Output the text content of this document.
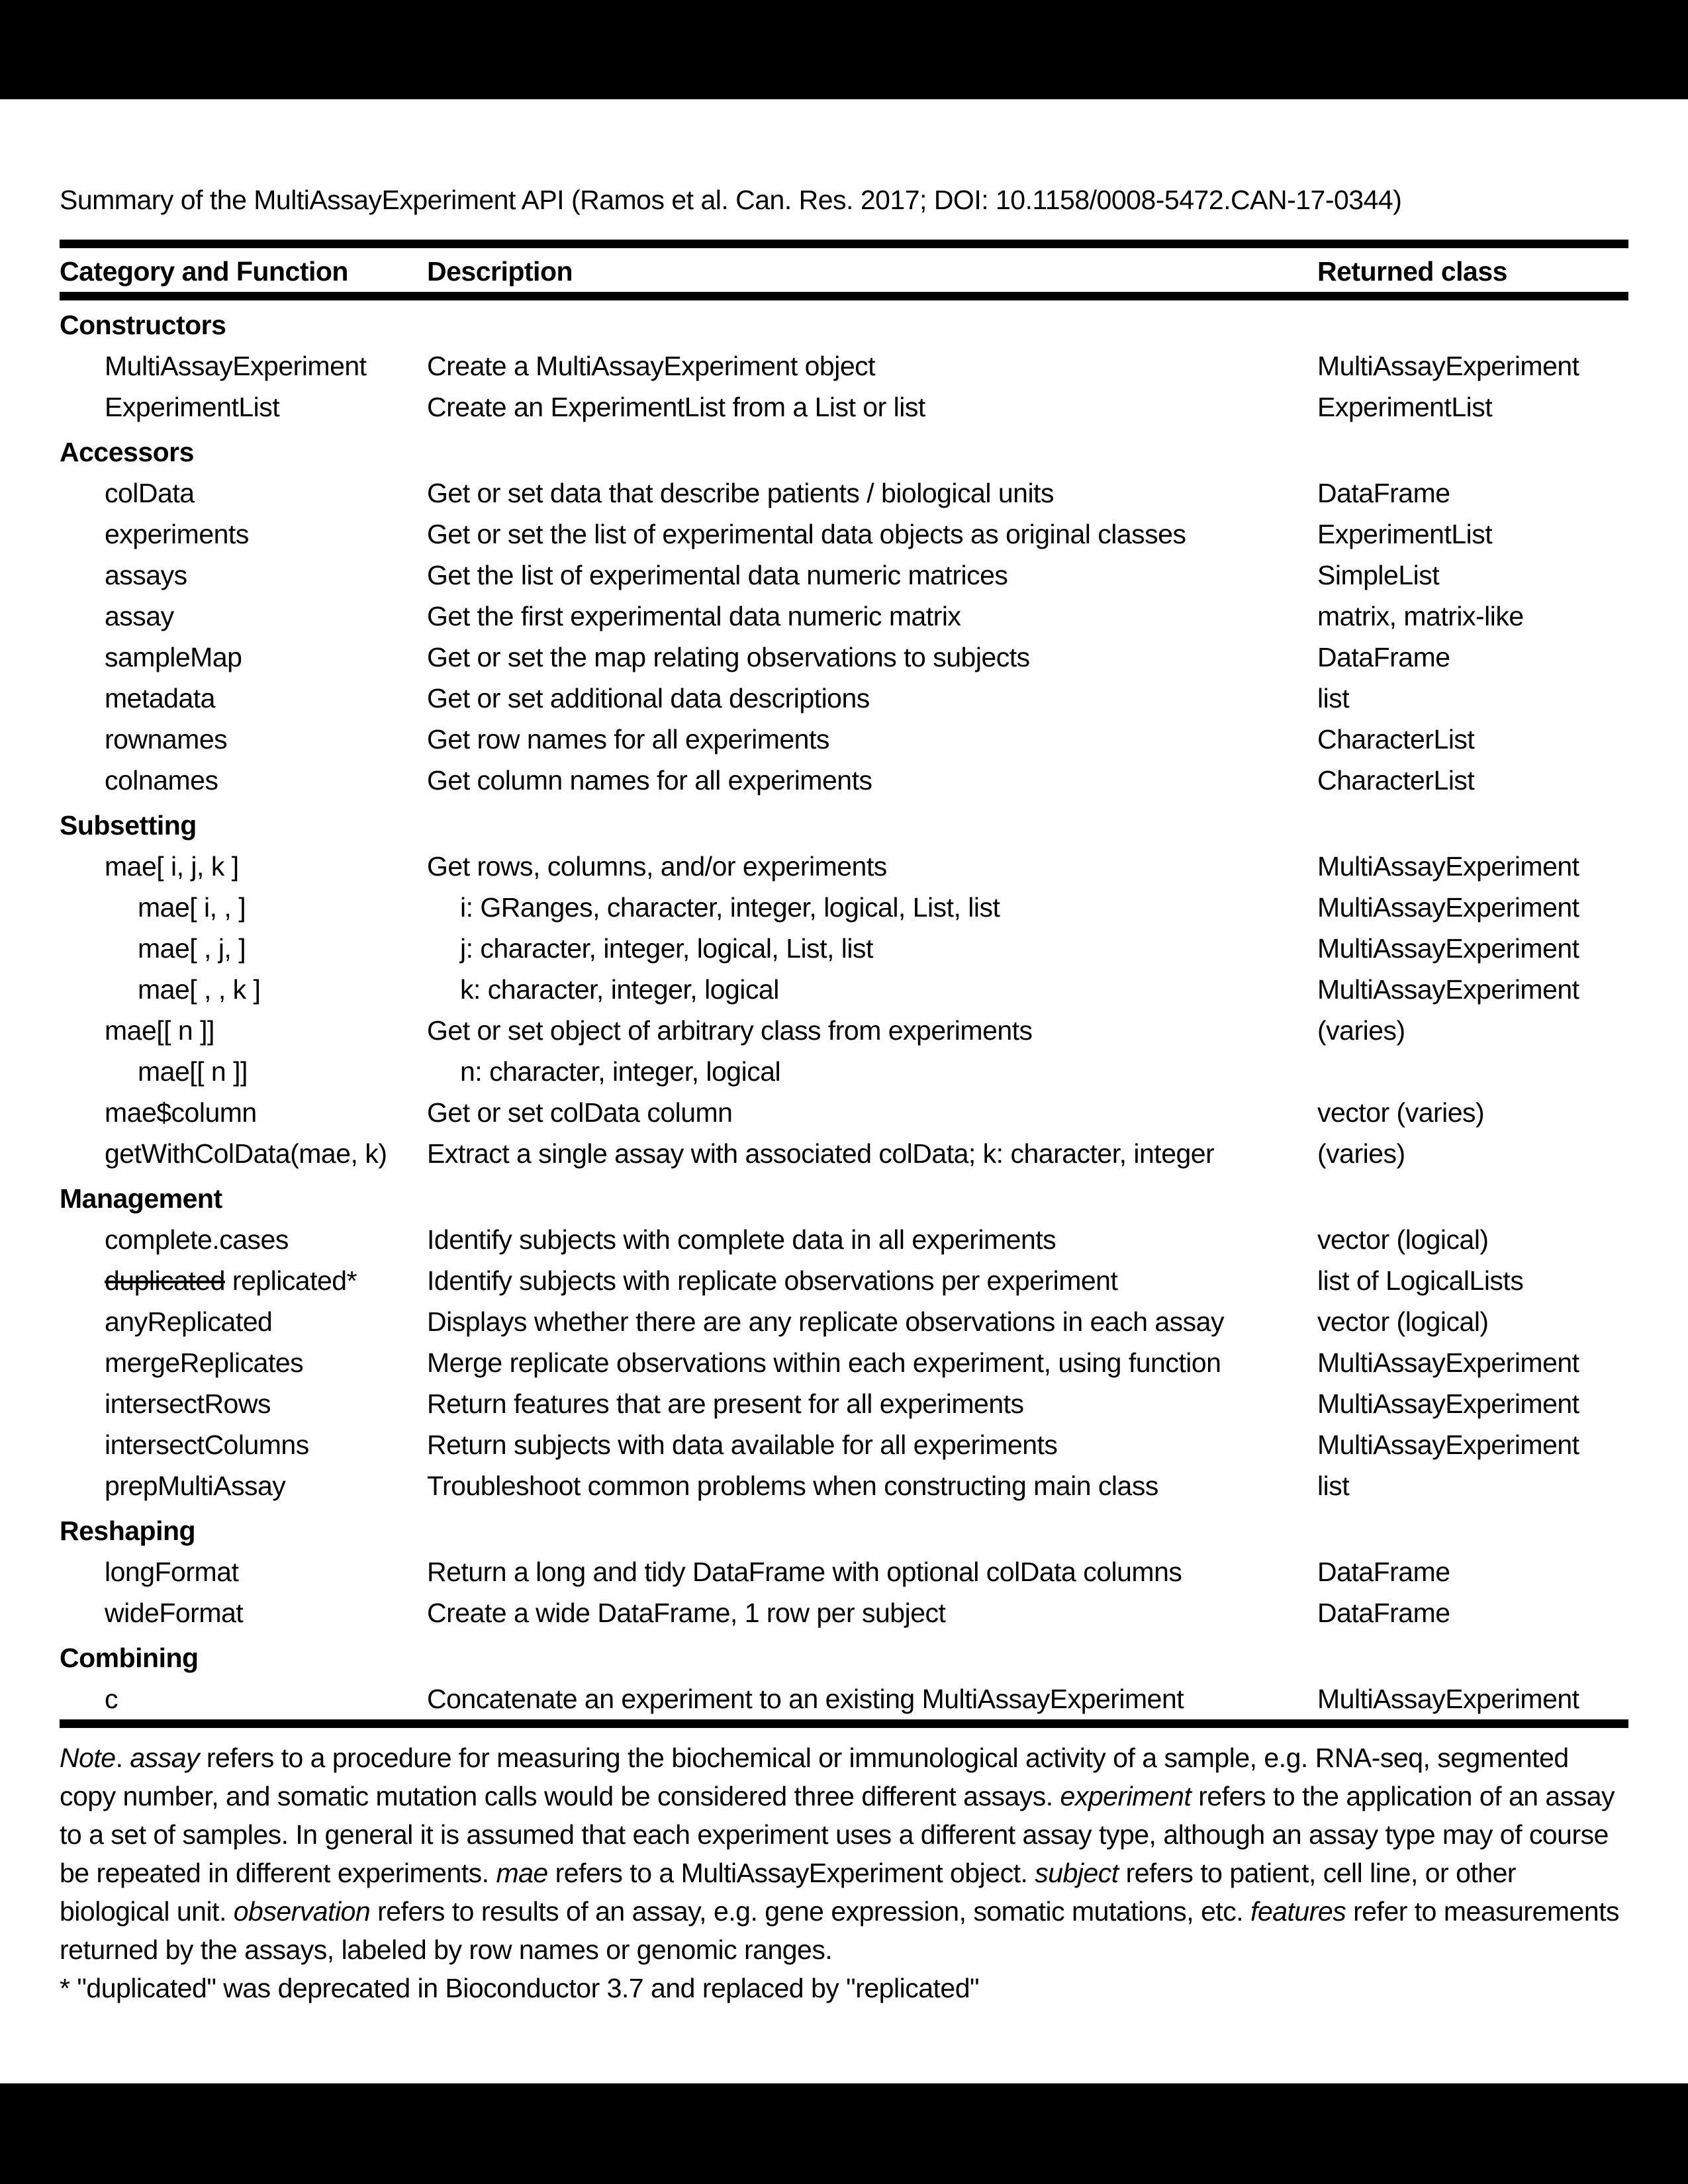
Summary of the MultiAssayExperiment API (Ramos et al. Can. Res. 2017; DOI: 10.1158/0008-5472.CAN-17-0344)
Category and Function	Description	Returned class
Constructors
MultiAssayExperiment	Create a MultiAssayExperiment object	MultiAssayExperiment
ExperimentList	Create an ExperimentList from a List or list	ExperimentList
Accessors
colData	Get or set data that describe patients / biological units	DataFrame
experiments	Get or set the list of experimental data objects as original classes	ExperimentList
assays	Get the list of experimental data numeric matrices	SimpleList
assay	Get the first experimental data numeric matrix	matrix, matrix-like
sampleMap	Get or set the map relating observations to subjects	DataFrame
metadata	Get or set additional data descriptions	list
rownames	Get row names for all experiments	CharacterList
colnames	Get column names for all experiments	CharacterList
Subsetting
mae[ i, j, k ]	Get rows, columns, and/or experiments	MultiAssayExperiment
mae[ i, , ]	i: GRanges, character, integer, logical, List, list	MultiAssayExperiment
mae[ , j, ]	j: character, integer, logical, List, list	MultiAssayExperiment
mae[ , , k ]	k: character, integer, logical	MultiAssayExperiment
mae[[ n ]]	Get or set object of arbitrary class from experiments	(varies)
mae[[ n ]]	n: character, integer, logical
mae$column	Get or set colData column	vector (varies)
getWithColData(mae, k)	Extract a single assay with associated colData; k: character, integer	(varies)
Management
complete.cases	Identify subjects with complete data in all experiments	vector (logical)
duplicated replicated*	Identify subjects with replicate observations per experiment	list of LogicalLists
anyReplicated	Displays whether there are any replicate observations in each assay	vector (logical)
mergeReplicates	Merge replicate observations within each experiment, using function	MultiAssayExperiment
intersectRows	Return features that are present for all experiments	MultiAssayExperiment
intersectColumns	Return subjects with data available for all experiments	MultiAssayExperiment
prepMultiAssay	Troubleshoot common problems when constructing main class	list
Reshaping
longFormat	Return a long and tidy DataFrame with optional colData columns	DataFrame
wideFormat	Create a wide DataFrame, 1 row per subject	DataFrame
Combining
c	Concatenate an experiment to an existing MultiAssayExperiment	MultiAssayExperiment
Note. assay refers to a procedure for measuring the biochemical or immunological activity of a sample, e.g. RNA-seq, segmented copy number, and somatic mutation calls would be considered three different assays. experiment refers to the application of an assay to a set of samples. In general it is assumed that each experiment uses a different assay type, although an assay type may of course be repeated in different experiments. mae refers to a MultiAssayExperiment object. subject refers to patient, cell line, or other biological unit. observation refers to results of an assay, e.g. gene expression, somatic mutations, etc. features refer to measurements returned by the assays, labeled by row names or genomic ranges.
* "duplicated" was deprecated in Bioconductor 3.7 and replaced by "replicated"
